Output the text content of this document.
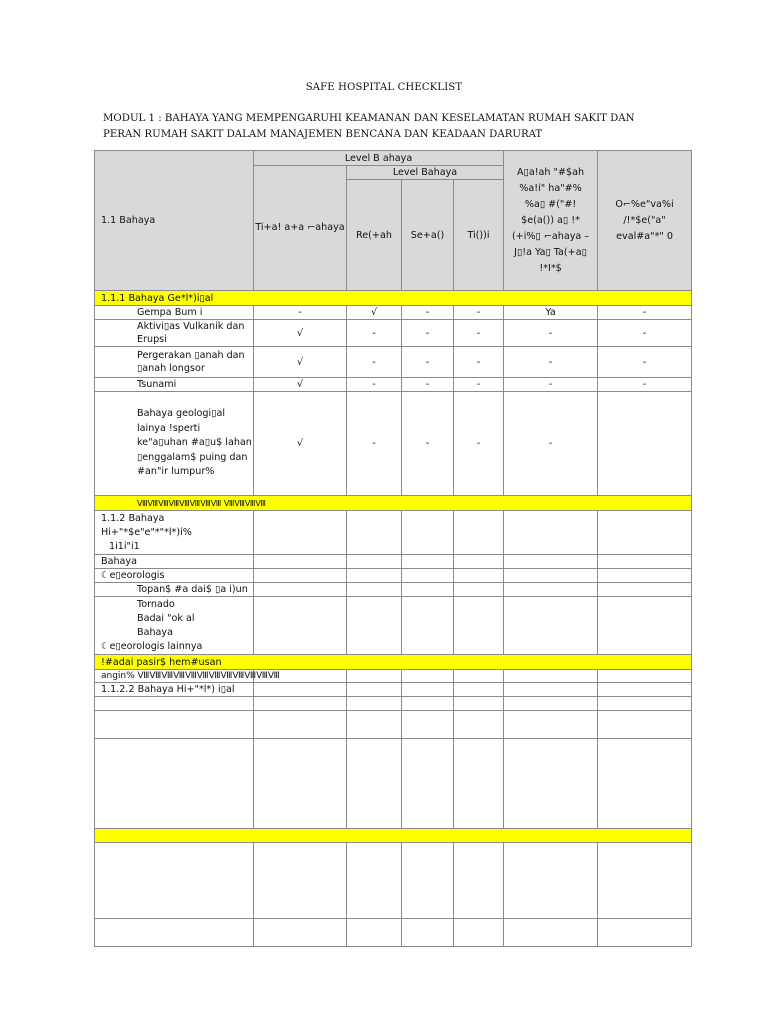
SAFE HOSPITAL CHECKLIST
MODUL 1 : BAHAYA YANG MEMPENGARUHI KEAMANAN DAN KESELAMATAN RUMAH SAKIT DAN
PERAN RUMAH SAKIT DALAM MANAJEMEN BENCANA DAN KEADAAN DARURAT
1.1 Bahaya	Level B ahaya				A▯a!ah "#$ah %a!i" ha"#% %a▯ #("#! $e(a()) a▯ !*(+i%▯ ⌐ahaya – J▯!a Ya▯ Ta(+a▯ !*I*$	O⌐%e"va%i /!*$e("a" eval#a"*" 0
	Ti+a! a+a ⌐ahaya	Level Bahaya				
		Re(+ah	Se+a()	Ti())i		
1.1.1 Bahaya Ge*l*)i▯al						
Gempa Bum i	-	√	-	-	Ya	-
Aktivi▯as Vulkanik dan Erupsi	√	-	-	-	-	-
Pergerakan ▯anah dan ▯anah longsor	√	-	-	-	-	-
Tsunami	√	-	-	-	-	-
Bahaya geologi▯al lainya !sperti ke"a▯uhan #a▯u$ lahan ▯enggalam$ puing dan #an"ir lumpur%	√	-	-	-	-	
ⅧⅧⅧⅧⅧⅧⅧⅧ ⅧⅧⅧⅧ						

1.1.2 Bahaya Hi+"*$e"e"*"*l*)i%
1i1i"i1						

Bahaya						
☾e▯eorologis						
Topan$ #a dai$ ▯a i)un						

Tornado
Badai "ok al
Bahaya
☾e▯eorologis lainnya						

!#adai pasir$ hem#usan						
angin% ⅧⅧⅧⅧⅧⅧⅧⅧⅧⅧⅧⅧ						
1.1.2.2 Bahaya Hi+"*l*) i▯al						
